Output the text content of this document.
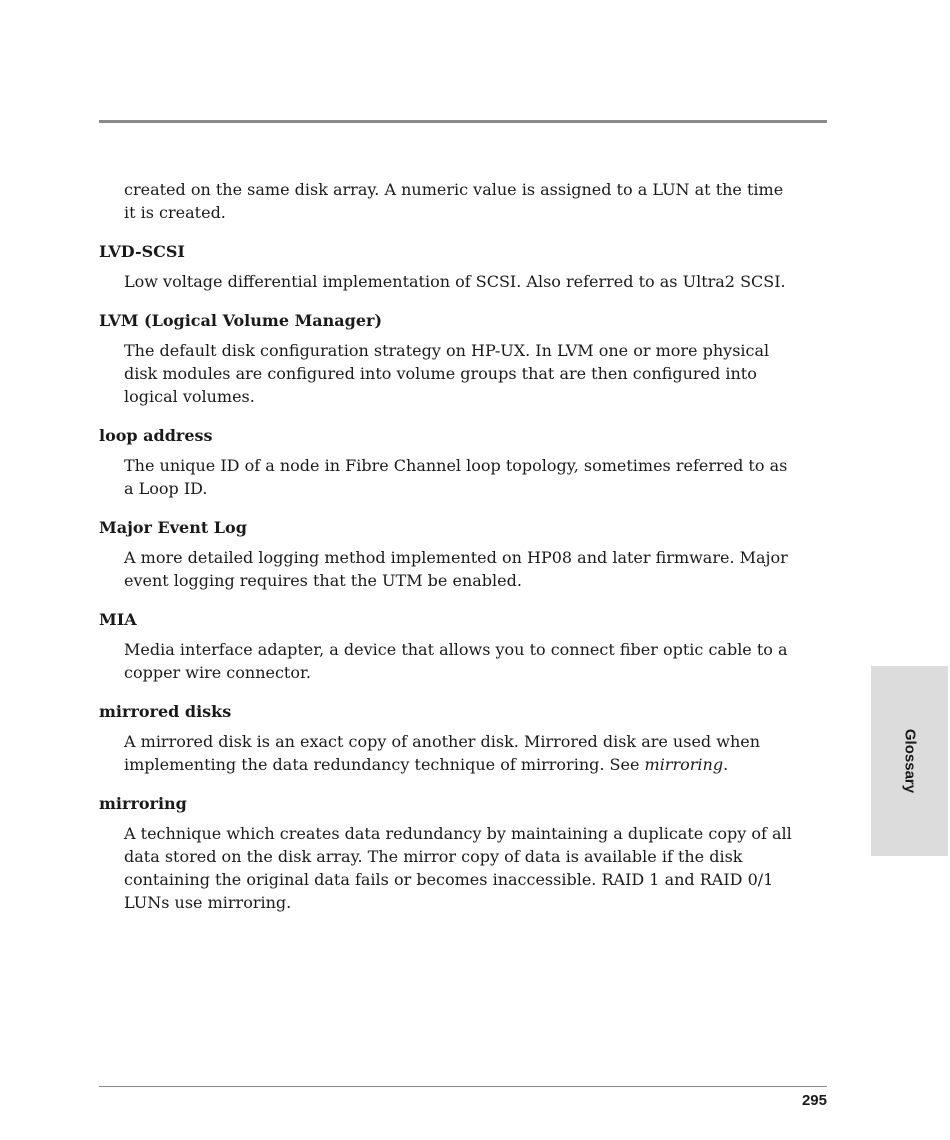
created on the same disk array. A numeric value is assigned to a LUN at the time it is created.

LVD-SCSI

Low voltage differential implementation of SCSI. Also referred to as Ultra2 SCSI.

LVM (Logical Volume Manager)

The default disk configuration strategy on HP-UX. In LVM one or more physical disk modules are configured into volume groups that are then configured into logical volumes.

loop address

The unique ID of a node in Fibre Channel loop topology, sometimes referred to as a Loop ID.

Major Event Log

A more detailed logging method implemented on HP08 and later firmware. Major event logging requires that the UTM be enabled.

MIA

Media interface adapter, a device that allows you to connect fiber optic cable to a copper wire connector.

mirrored disks

A mirrored disk is an exact copy of another disk. Mirrored disk are used when implementing the data redundancy technique of mirroring. See mirroring.

mirroring

A technique which creates data redundancy by maintaining a duplicate copy of all data stored on the disk array. The mirror copy of data is available if the disk containing the original data fails or becomes inaccessible. RAID 1 and RAID 0/1 LUNs use mirroring.

Glossary
295
